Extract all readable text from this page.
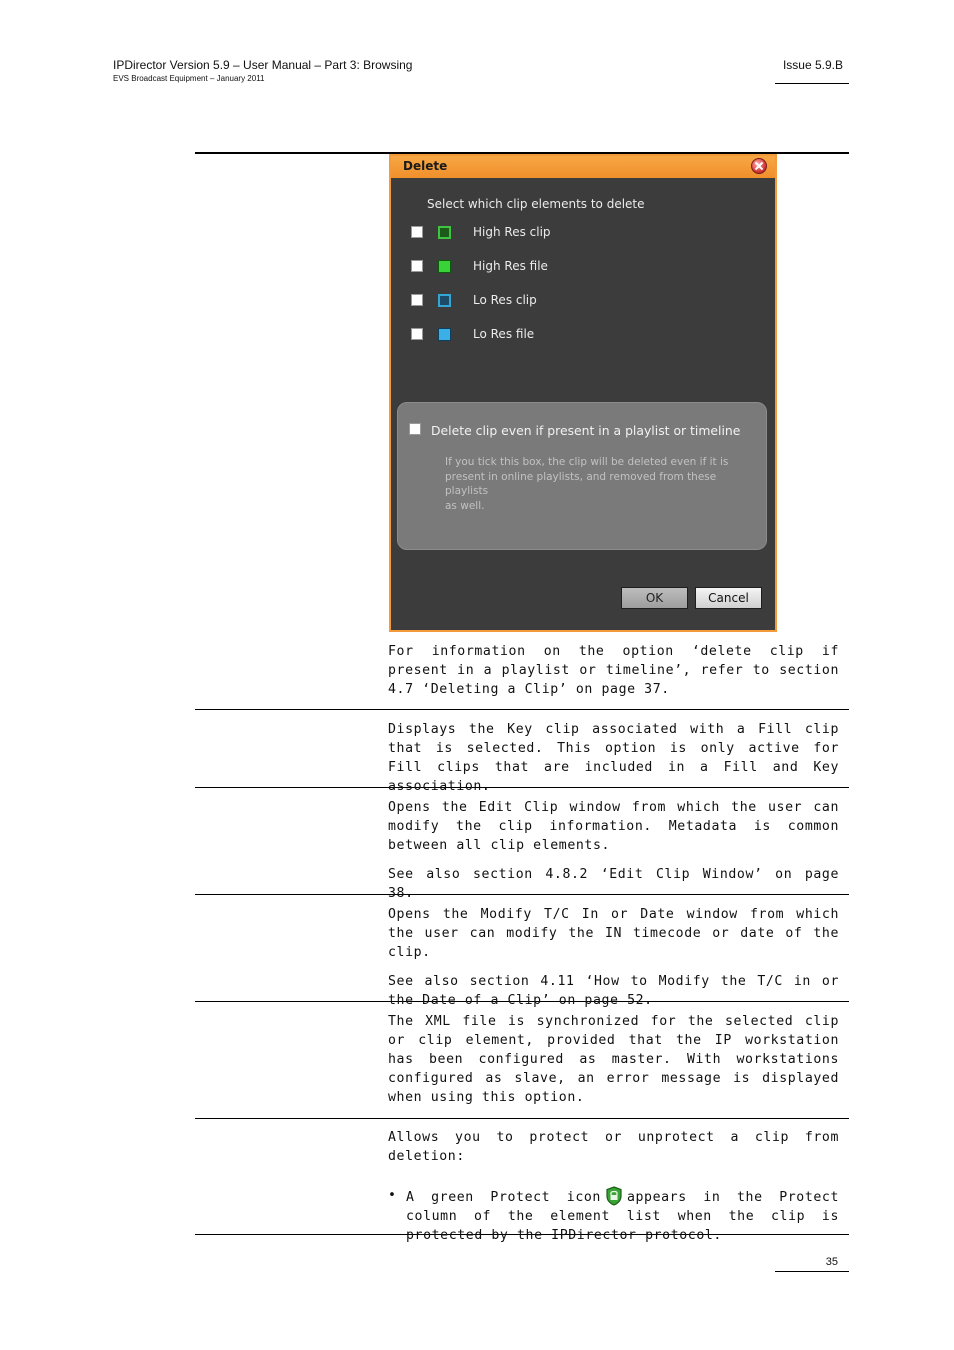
IPDirector Version 5.9 – User Manual – Part 3: Browsing
EVS Broadcast Equipment – January 2011
Issue 5.9.B
Delete
Select which clip elements to delete
High Res clip
High Res file
Lo Res clip
Lo Res file
Delete clip even if present in a playlist or timeline
If you tick this box, the clip will be deleted even if it is
present in online playlists, and removed from these
playlists
as well.
OK	Cancel

For information on the option ‘delete clip if present in a playlist or timeline’, refer to section 4.7 ‘Deleting a Clip’ on page 37.

Displays the Key clip associated with a Fill clip that is selected. This option is only active for Fill clips that are included in a Fill and Key association.

Opens the Edit Clip window from which the user can modify the clip information. Metadata is common between all clip elements.

See also section 4.8.2 ‘Edit Clip Window’ on page 38.

Opens the Modify T/C In or Date window from which the user can modify the IN timecode or date of the clip.

See also section 4.11 ‘How to Modify the T/C in or the Date of a Clip’ on page 52.

The XML file is synchronized for the selected clip or clip element, provided that the IP workstation has been configured as master. With workstations configured as slave, an error message is displayed when using this option.

Allows you to protect or unprotect a clip from deletion:

• A green Protect icon appears in the Protect column of the element list when the clip is protected by the IPDirector protocol.
35
